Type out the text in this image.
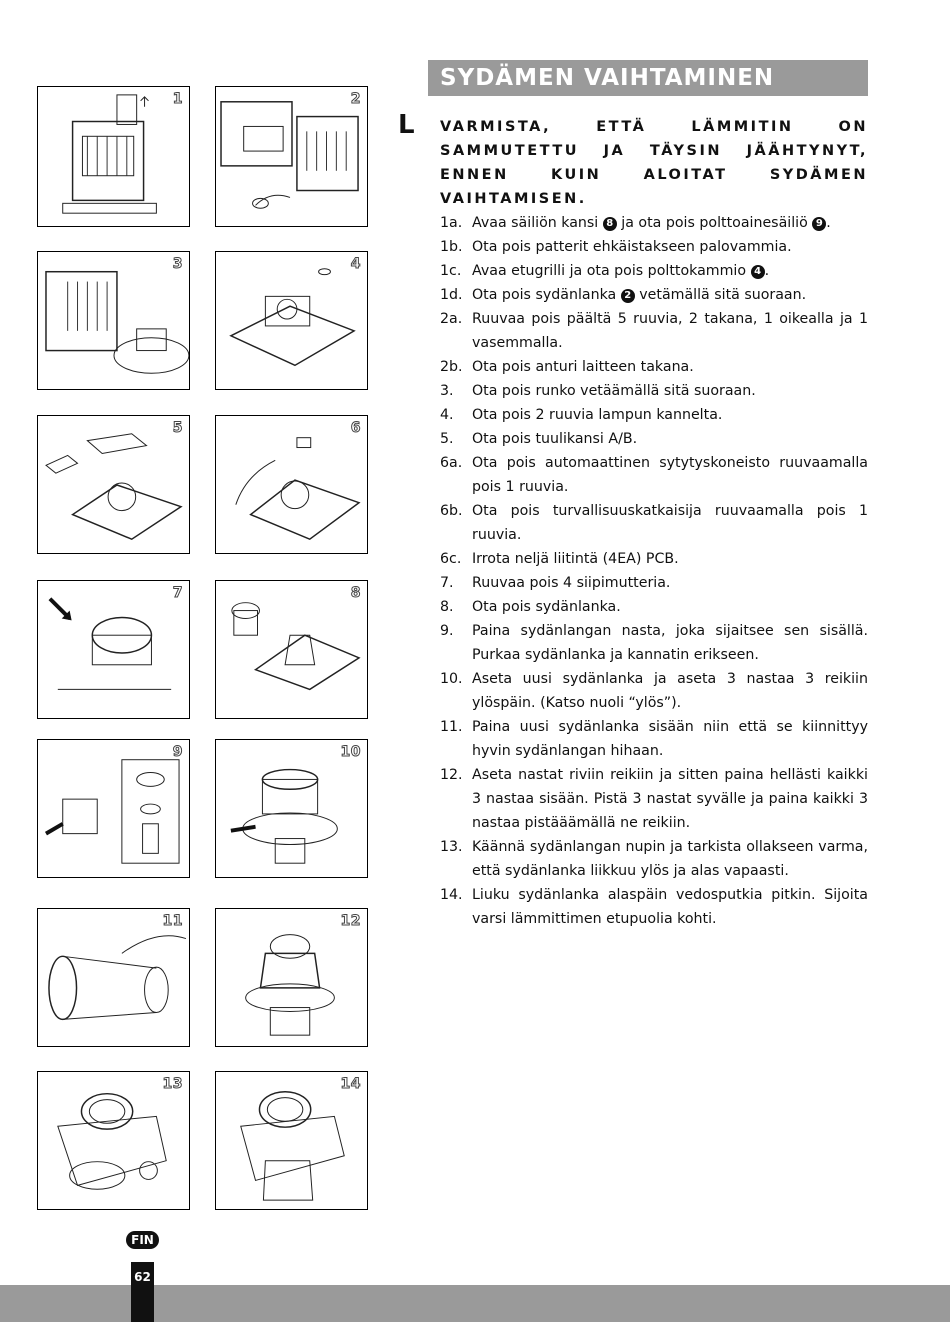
1	2
3	4
5	6
7	8
9	10
11	12
13	14
SYDÄMEN VAIHTAMINEN
L VARMISTA, ETTÄ LÄMMITIN ON SAMMUTETTU JA TÄYSIN JÄÄHTYNYT, ENNEN KUIN ALOITAT SYDÄMEN VAIHTAMISEN.
1a. Avaa säiliön kansi 8 ja ota pois polttoainesäiliö 9 .
1b. Ota pois patterit ehkäistakseen palovammia.
1c. Avaa etugrilli ja ota pois polttokammio 4 .
1d. Ota pois sydänlanka 2 vetämällä sitä suoraan.
2a. Ruuvaa pois päältä 5 ruuvia, 2 takana, 1 oikealla ja 1 vasemmalla.
2b. Ota pois anturi laitteen takana.
3.	Ota pois runko vetäämällä sitä suoraan.
4.	Ota pois 2 ruuvia lampun kannelta.
5.	Ota pois tuulikansi A/B.
6a. Ota pois automaattinen sytytyskoneisto ruuvaamalla pois 1 ruuvia.
6b. Ota pois turvallisuuskatkaisija ruuvaamalla pois 1 ruuvia.
6c. Irrota neljä liitintä (4EA) PCB.
7.	Ruuvaa pois 4 siipimutteria.
8.	Ota pois sydänlanka.
9.	Paina sydänlangan nasta, joka sijaitsee sen sisällä. Purkaa sydänlanka ja kannatin erikseen.
10. Aseta uusi sydänlanka ja aseta 3 nastaa 3 reikiin ylöspäin. (Katso nuoli “ylös”).
11. Paina uusi sydänlanka sisään niin että se kiinnittyy hyvin sydänlangan hihaan.
12. Aseta nastat riviin reikiin ja sitten paina hellästi kaikki 3 nastaa sisään. Pistä 3 nastat syvälle ja paina kaikki 3 nastaa pistääämällä ne reikiin.
13. Käännä sydänlangan nupin ja tarkista ollakseen varma, että sydänlanka liikkuu ylös ja alas vapaasti.
14. Liuku sydänlanka alaspäin vedosputkia pitkin. Sijoita varsi lämmittimen etupuolia kohti.
FIN
62
